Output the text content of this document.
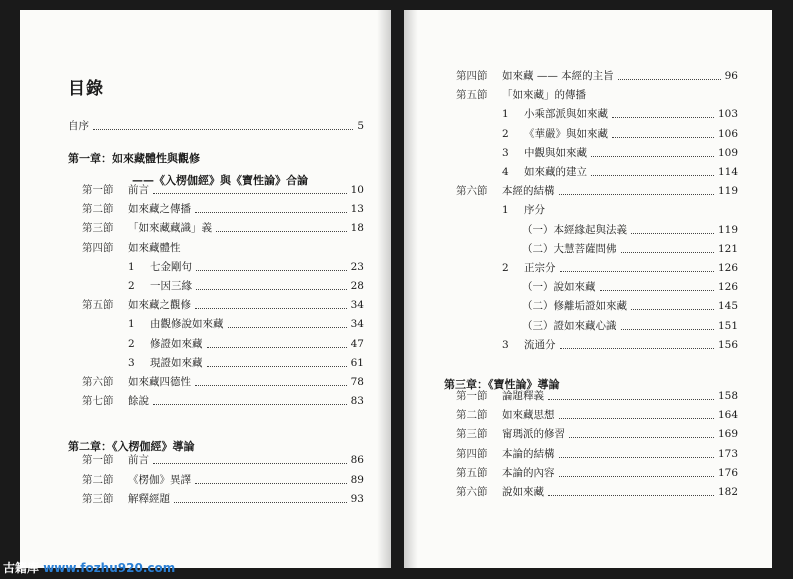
目錄
自序	5
第一章：如來藏體性與觀修
——《入楞伽經》與《寶性論》合論
第一節	前言	10
第二節	如來藏之傳播	13
第三節	「如來藏藏識」義	18
第四節	如來藏體性
1	七金剛句	23
2	一因三緣	28
第五節	如來藏之觀修	34
1	由觀修說如來藏	34
2	修證如來藏	47
3	現證如來藏	61
第六節	如來藏四德性	78
第七節	餘說	83
第二章：《入楞伽經》導論
第一節	前言	86
第二節	《楞伽》異譯	89
第三節	解釋經題	93
第四節	如來藏 —— 本經的主旨	96
第五節	「如來藏」的傳播
1	小乘部派與如來藏	103
2	《華嚴》與如來藏	106
3	中觀與如來藏	109
4	如來藏的建立	114
第六節	本經的結構	119
1	序分
（一）本經緣起與法義	119
（二）大慧菩薩問佛	121
2	正宗分	126
（一）說如來藏	126
（二）修離垢證如來藏	145
（三）證如來藏心識	151
3	流通分	156
第三章：《寶性論》導論
第一節	論題釋義	158
第二節	如來藏思想	164
第三節	甯瑪派的修習	169
第四節	本論的結構	173
第五節	本論的內容	176
第六節	說如來藏	182
古籍库 www.fozhu920.com
